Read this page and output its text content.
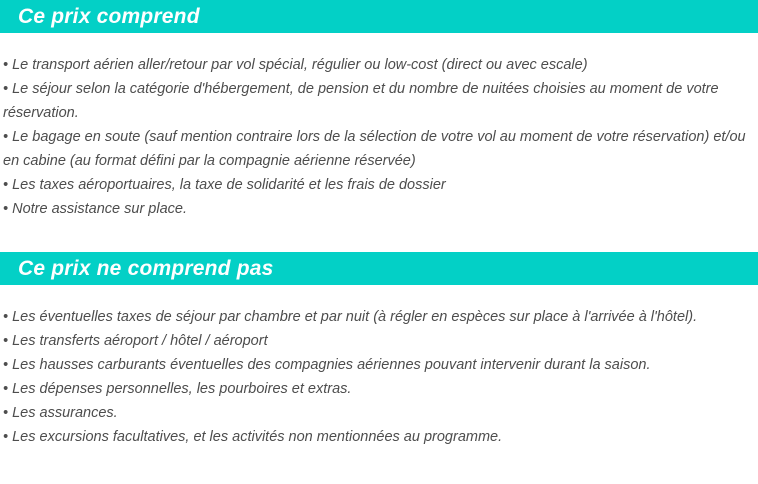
Ce prix comprend
• Le transport aérien aller/retour par vol spécial, régulier ou low-cost (direct ou avec escale)
• Le séjour selon la catégorie d'hébergement, de pension et du nombre de nuitées choisies au moment de votre réservation.
• Le bagage en soute (sauf mention contraire lors de la sélection de votre vol au moment de votre réservation) et/ou en cabine (au format défini par la compagnie aérienne réservée)
• Les taxes aéroportuaires, la taxe de solidarité et les frais de dossier
• Notre assistance sur place.
Ce prix ne comprend pas
• Les éventuelles taxes de séjour par chambre et par nuit (à régler en espèces sur place à l'arrivée à l'hôtel).
• Les transferts aéroport / hôtel / aéroport
• Les hausses carburants éventuelles des compagnies aériennes pouvant intervenir durant la saison.
• Les dépenses personnelles, les pourboires et extras.
• Les assurances.
• Les excursions facultatives, et les activités non mentionnées au programme.
